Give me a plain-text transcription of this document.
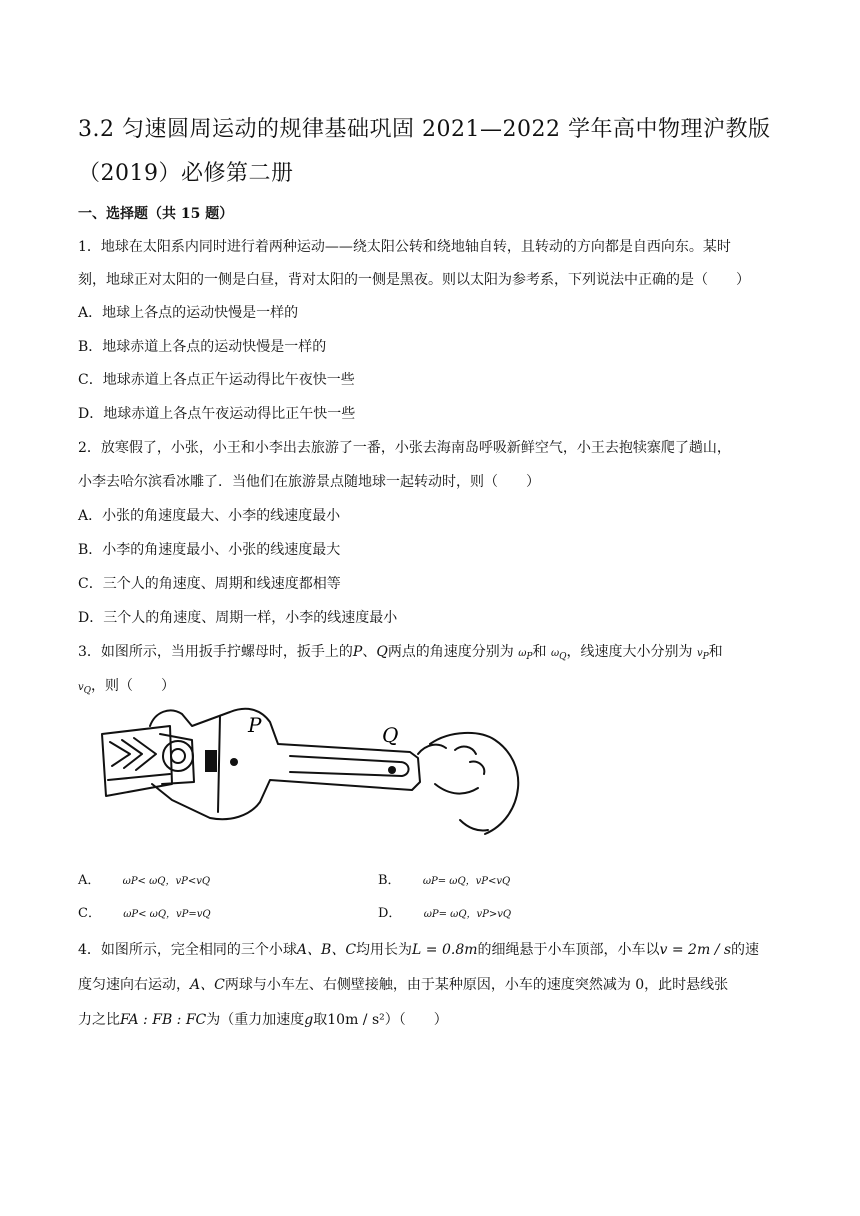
3.2 匀速圆周运动的规律基础巩固 2021—2022 学年高中物理沪教版
（2019）必修第二册
一、选择题（共 15 题）
1．地球在太阳系内同时进行着两种运动——绕太阳公转和绕地轴自转，且转动的方向都是自西向东。某时
刻，地球正对太阳的一侧是白昼，背对太阳的一侧是黑夜。则以太阳为参考系，下列说法中正确的是（　　）
A．地球上各点的运动快慢是一样的
B．地球赤道上各点的运动快慢是一样的
C．地球赤道上各点正午运动得比午夜快一些
D．地球赤道上各点午夜运动得比正午快一些
2．放寒假了，小张，小王和小李出去旅游了一番，小张去海南岛呼吸新鲜空气，小王去抱犊寨爬了趟山，
小李去哈尔滨看冰雕了．当他们在旅游景点随地球一起转动时，则（　　）
A．小张的角速度最大、小李的线速度最小
B．小李的角速度最小、小张的线速度最大
C．三个人的角速度、周期和线速度都相等
D．三个人的角速度、周期一样，小李的线速度最小
3．如图所示，当用扳手拧螺母时，扳手上的P、Q两点的角速度分别为 $\omega_P$和 $\omega_Q$，线速度大小分别为 $v_P$和
$v_Q$，则（　　）
P	Q
A． ωP< ωQ，vP<vQ	B． ωP= ωQ，vP<vQ
C． ωP< ωQ，vP=vQ	D． ωP= ωQ，vP>vQ
4．如图所示，完全相同的三个小球A、B、C均用长为L = 0.8m的细绳悬于小车顶部，小车以v = 2m / s的速
度匀速向右运动，A、C两球与小车左、右侧壁接触，由于某种原因，小车的速度突然减为 0，此时悬线张
力之比FA : FB : FC为（重力加速度g取10m / s²）（　　）
